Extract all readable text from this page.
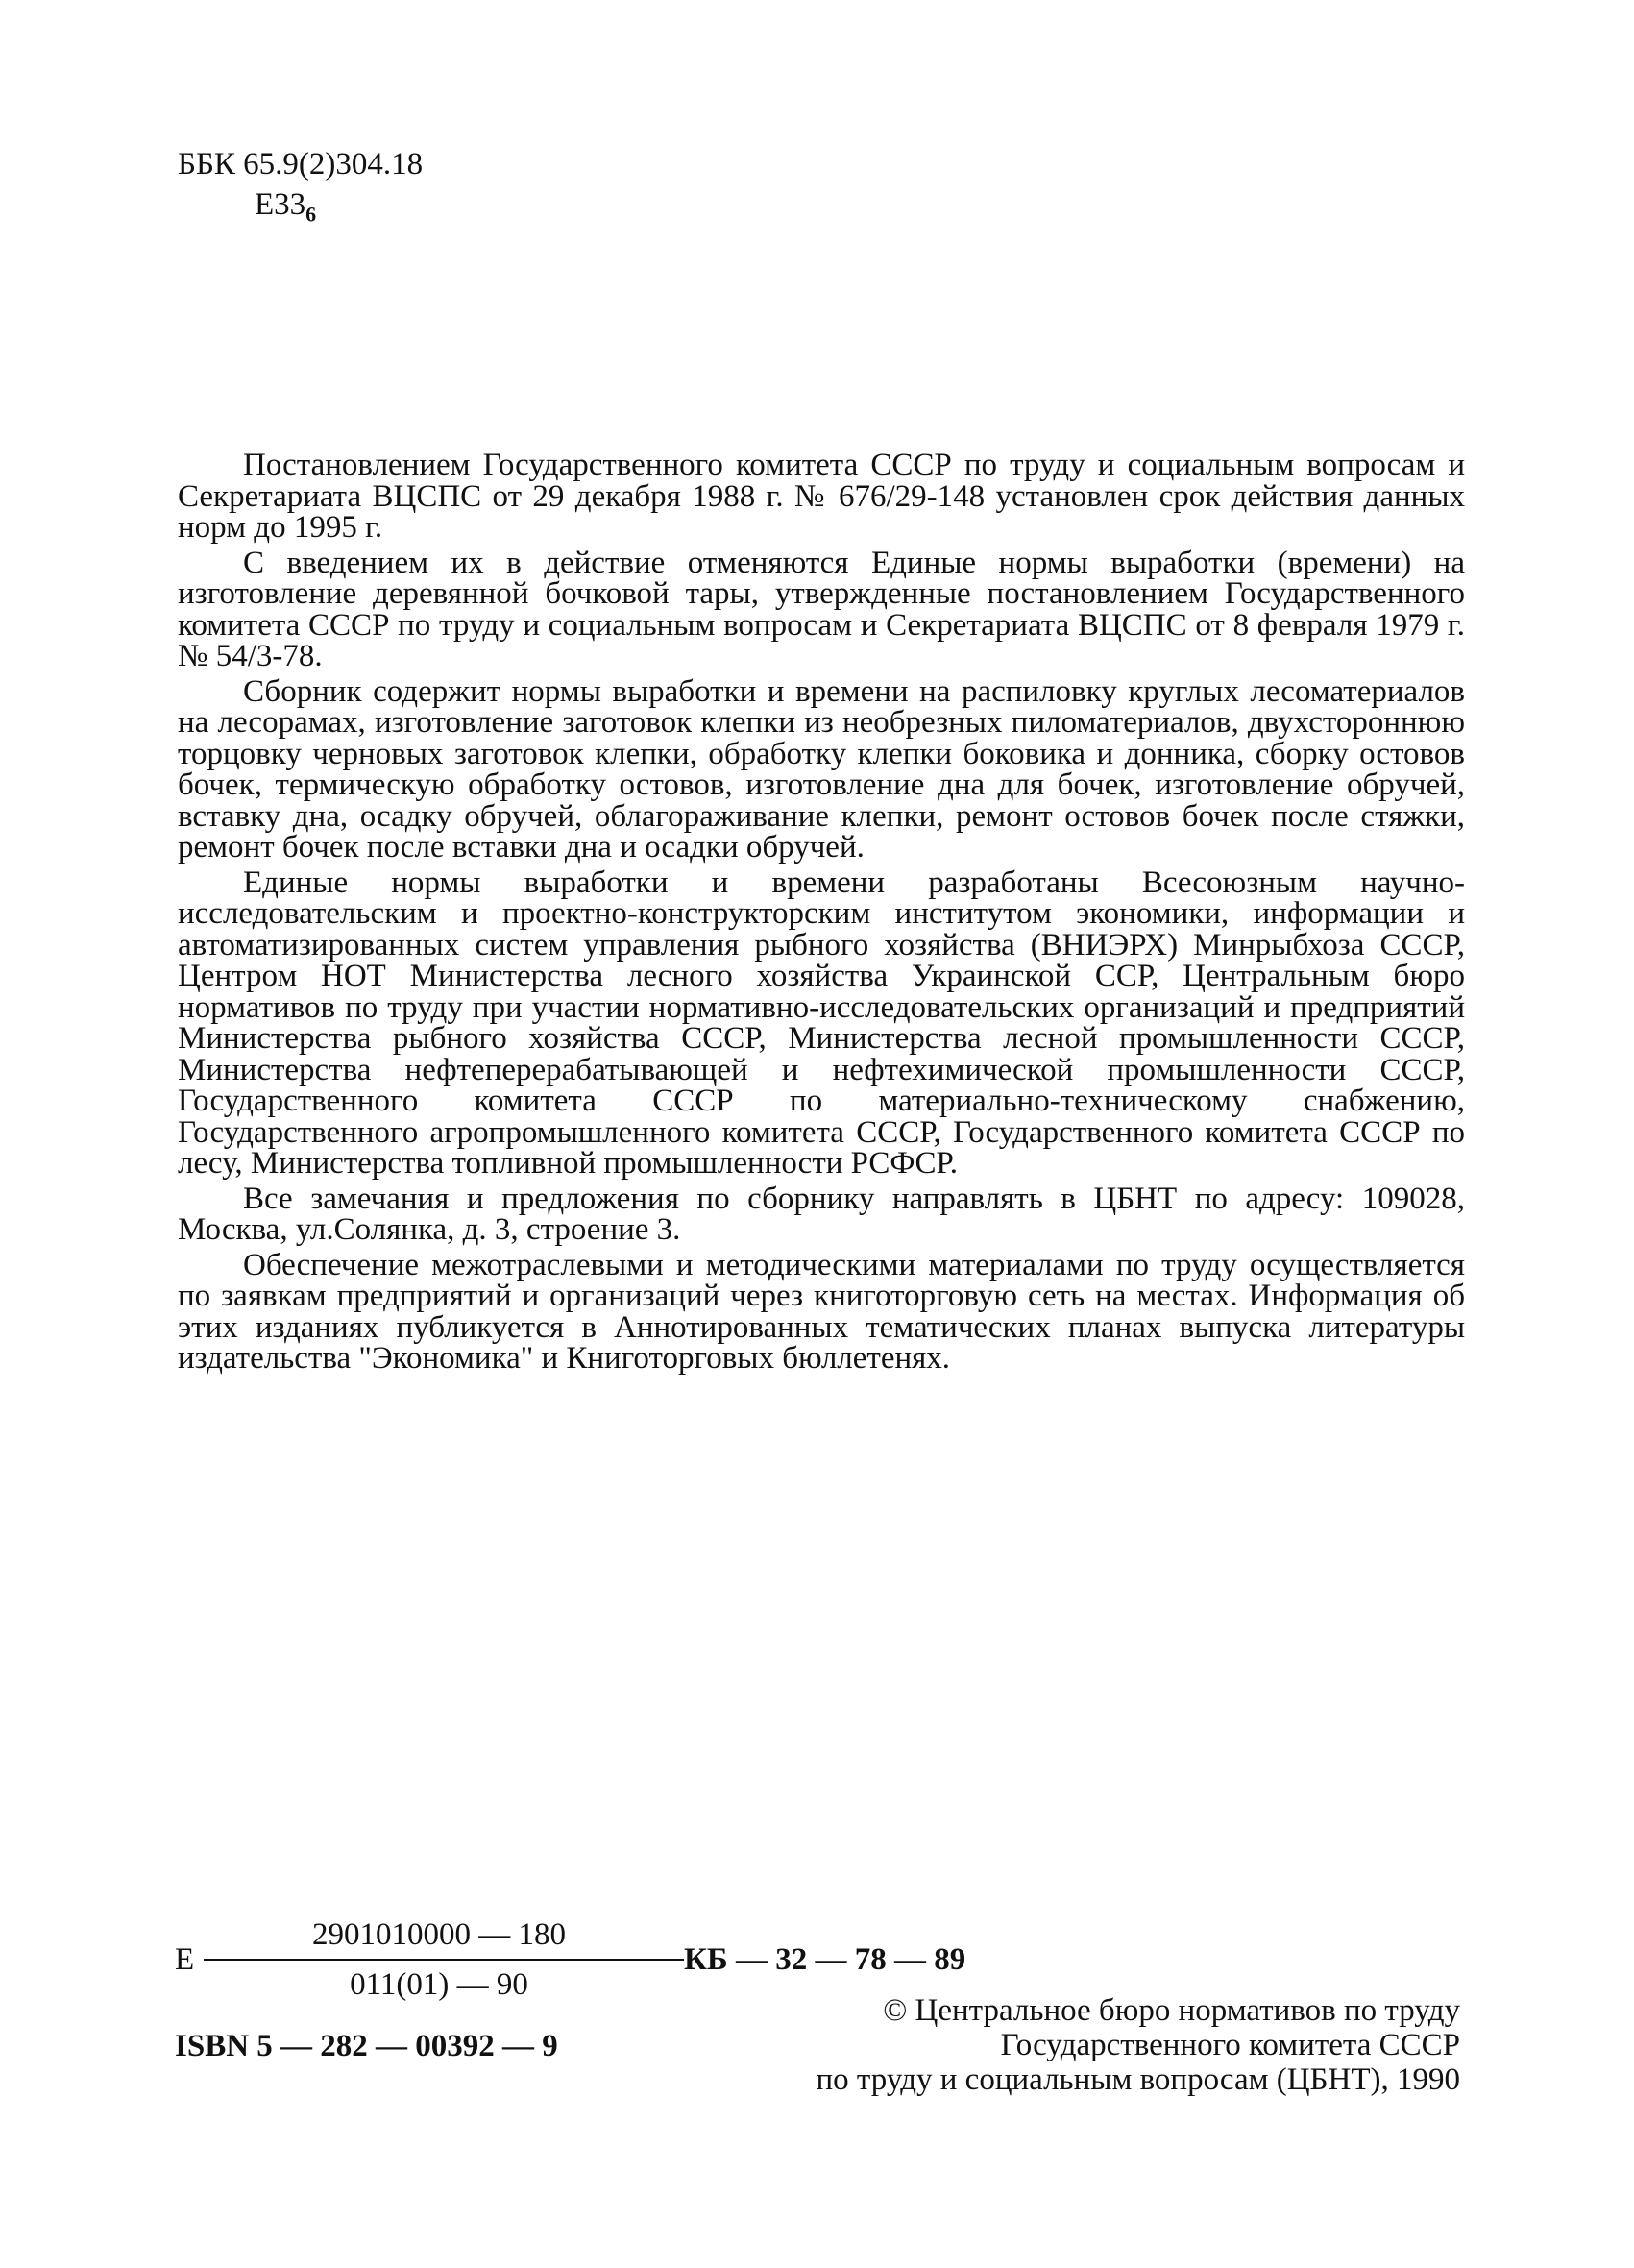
ББК 65.9(2)304.18
$Е33_6$

Постановлением Государственного комитета СССР по труду и социальным вопросам и Секретариата ВЦСПС от 29 декабря 1988 г. № 676/29-148 установлен срок действия данных норм до 1995 г.

С введением их в действие отменяются Единые нормы выработки (времени) на изготовление деревянной бочковой тары, утвержденные постановлением Государственного комитета СССР по труду и социальным вопросам и Секретариата ВЦСПС от 8 февраля 1979 г. № 54/3-78.

Сборник содержит нормы выработки и времени на распиловку круглых лесоматериалов на лесорамах, изготовление заготовок клепки из необрезных пиломатериалов, двухстороннюю торцовку черновых заготовок клепки, обработку клепки боковика и донника, сборку остовов бочек, термическую обработку остовов, изготовление дна для бочек, изготовление обручей, вставку дна, осадку обручей, облагораживание клепки, ремонт остовов бочек после стяжки, ремонт бочек после вставки дна и осадки обручей.

Единые нормы выработки и времени разработаны Всесоюзным научно-исследовательским и проектно-конструкторским институтом экономики, информации и автоматизированных систем управления рыбного хозяйства (ВНИЭРХ) Минрыбхоза СССР, Центром НОТ Министерства лесного хозяйства Украинской ССР, Центральным бюро нормативов по труду при участии нормативно-исследовательских организаций и предприятий Министерства рыбного хозяйства СССР, Министерства лесной промышленности СССР, Министерства нефтеперерабатывающей и нефтехимической промышленности СССР, Государственного комитета СССР по материально-техническому снабжению, Государственного агропромышленного комитета СССР, Государственного комитета СССР по лесу, Министерства топливной промышленности РСФСР.

Все замечания и предложения по сборнику направлять в ЦБНТ по адресу: 109028, Москва, ул.Солянка, д. 3, строение 3.

Обеспечение межотраслевыми и методическими материалами по труду осуществляется по заявкам предприятий и организаций через книготорговую сеть на местах. Информация об этих изданиях публикуется в Аннотированных тематических планах выпуска литературы издательства "Экономика" и Книготорговых бюллетенях.

Е
2901010000 — 180
011(01) — 90
КБ — 32 — 78 — 89
ISBN 5 — 282 — 00392 — 9
© Центральное бюро нормативов по труду
Государственного комитета СССР
по труду и социальным вопросам (ЦБНТ), 1990
